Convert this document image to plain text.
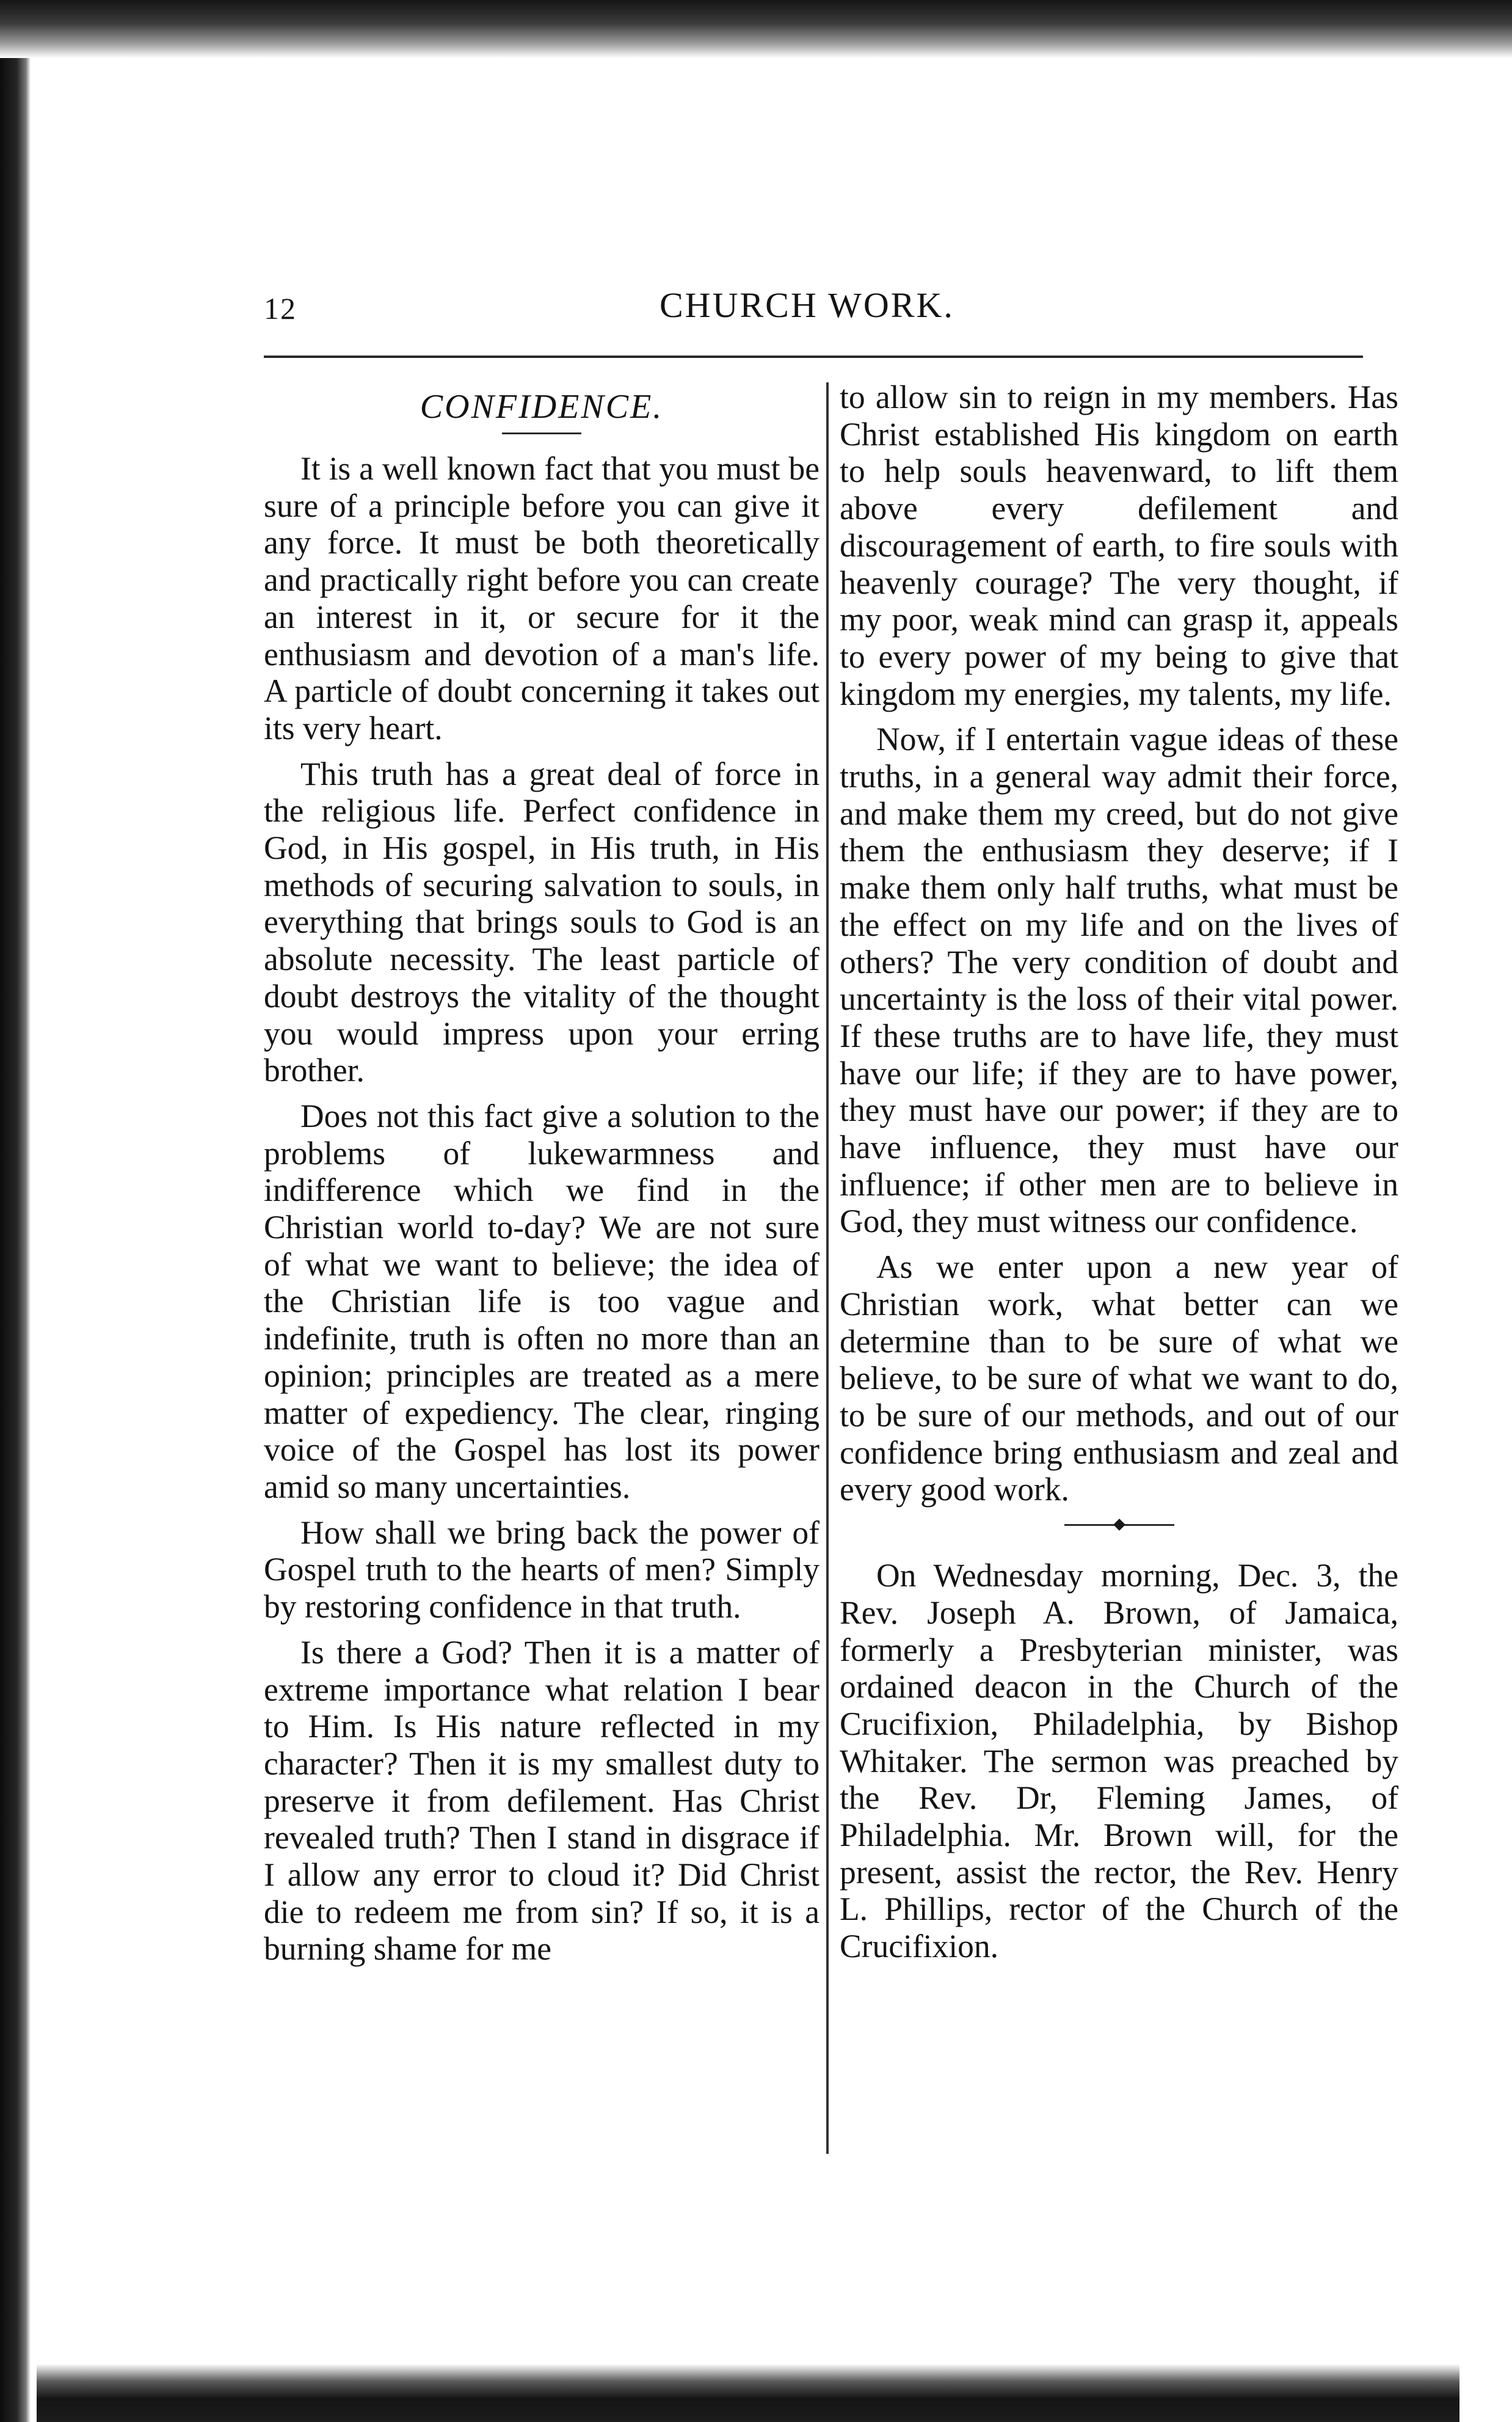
12	CHURCH WORK.
CONFIDENCE.

It is a well known fact that you must be sure of a principle before you can give it any force. It must be both theoretically and practically right before you can create an interest in it, or secure for it the enthusiasm and devotion of a man's life. A particle of doubt concerning it takes out its very heart.

This truth has a great deal of force in the religious life. Perfect confidence in God, in His gospel, in His truth, in His methods of securing salvation to souls, in everything that brings souls to God is an absolute necessity. The least particle of doubt destroys the vitality of the thought you would impress upon your erring brother.

Does not this fact give a solution to the problems of lukewarmness and indifference which we find in the Christian world to-day? We are not sure of what we want to believe; the idea of the Christian life is too vague and indefinite, truth is often no more than an opinion; principles are treated as a mere matter of expediency. The clear, ringing voice of the Gospel has lost its power amid so many uncertainties.

How shall we bring back the power of Gospel truth to the hearts of men? Simply by restoring confidence in that truth.

Is there a God? Then it is a matter of extreme importance what relation I bear to Him. Is His nature reflected in my character? Then it is my smallest duty to preserve it from defilement. Has Christ revealed truth? Then I stand in disgrace if I allow any error to cloud it? Did Christ die to redeem me from sin? If so, it is a burning shame for me

to allow sin to reign in my members. Has Christ established His kingdom on earth to help souls heavenward, to lift them above every defilement and discouragement of earth, to fire souls with heavenly courage? The very thought, if my poor, weak mind can grasp it, appeals to every power of my being to give that kingdom my energies, my talents, my life.

Now, if I entertain vague ideas of these truths, in a general way admit their force, and make them my creed, but do not give them the enthusiasm they deserve; if I make them only half truths, what must be the effect on my life and on the lives of others? The very condition of doubt and uncertainty is the loss of their vital power. If these truths are to have life, they must have our life; if they are to have power, they must have our power; if they are to have influence, they must have our influence; if other men are to believe in God, they must witness our confidence.

As we enter upon a new year of Christian work, what better can we determine than to be sure of what we believe, to be sure of what we want to do, to be sure of our methods, and out of our confidence bring enthusiasm and zeal and every good work.

On Wednesday morning, Dec. 3, the Rev. Joseph A. Brown, of Jamaica, formerly a Presbyterian minister, was ordained deacon in the Church of the Crucifixion, Philadelphia, by Bishop Whitaker. The sermon was preached by the Rev. Dr, Fleming James, of Philadelphia. Mr. Brown will, for the present, assist the rector, the Rev. Henry L. Phillips, rector of the Church of the Crucifixion.
